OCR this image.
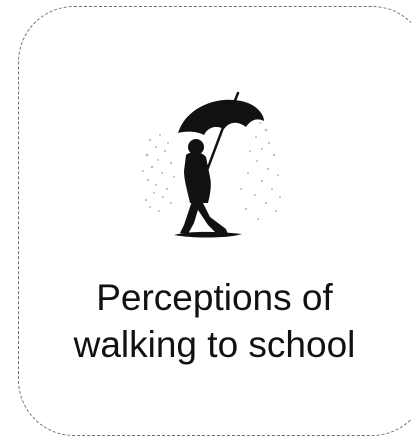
Perceptions of
walking to school
